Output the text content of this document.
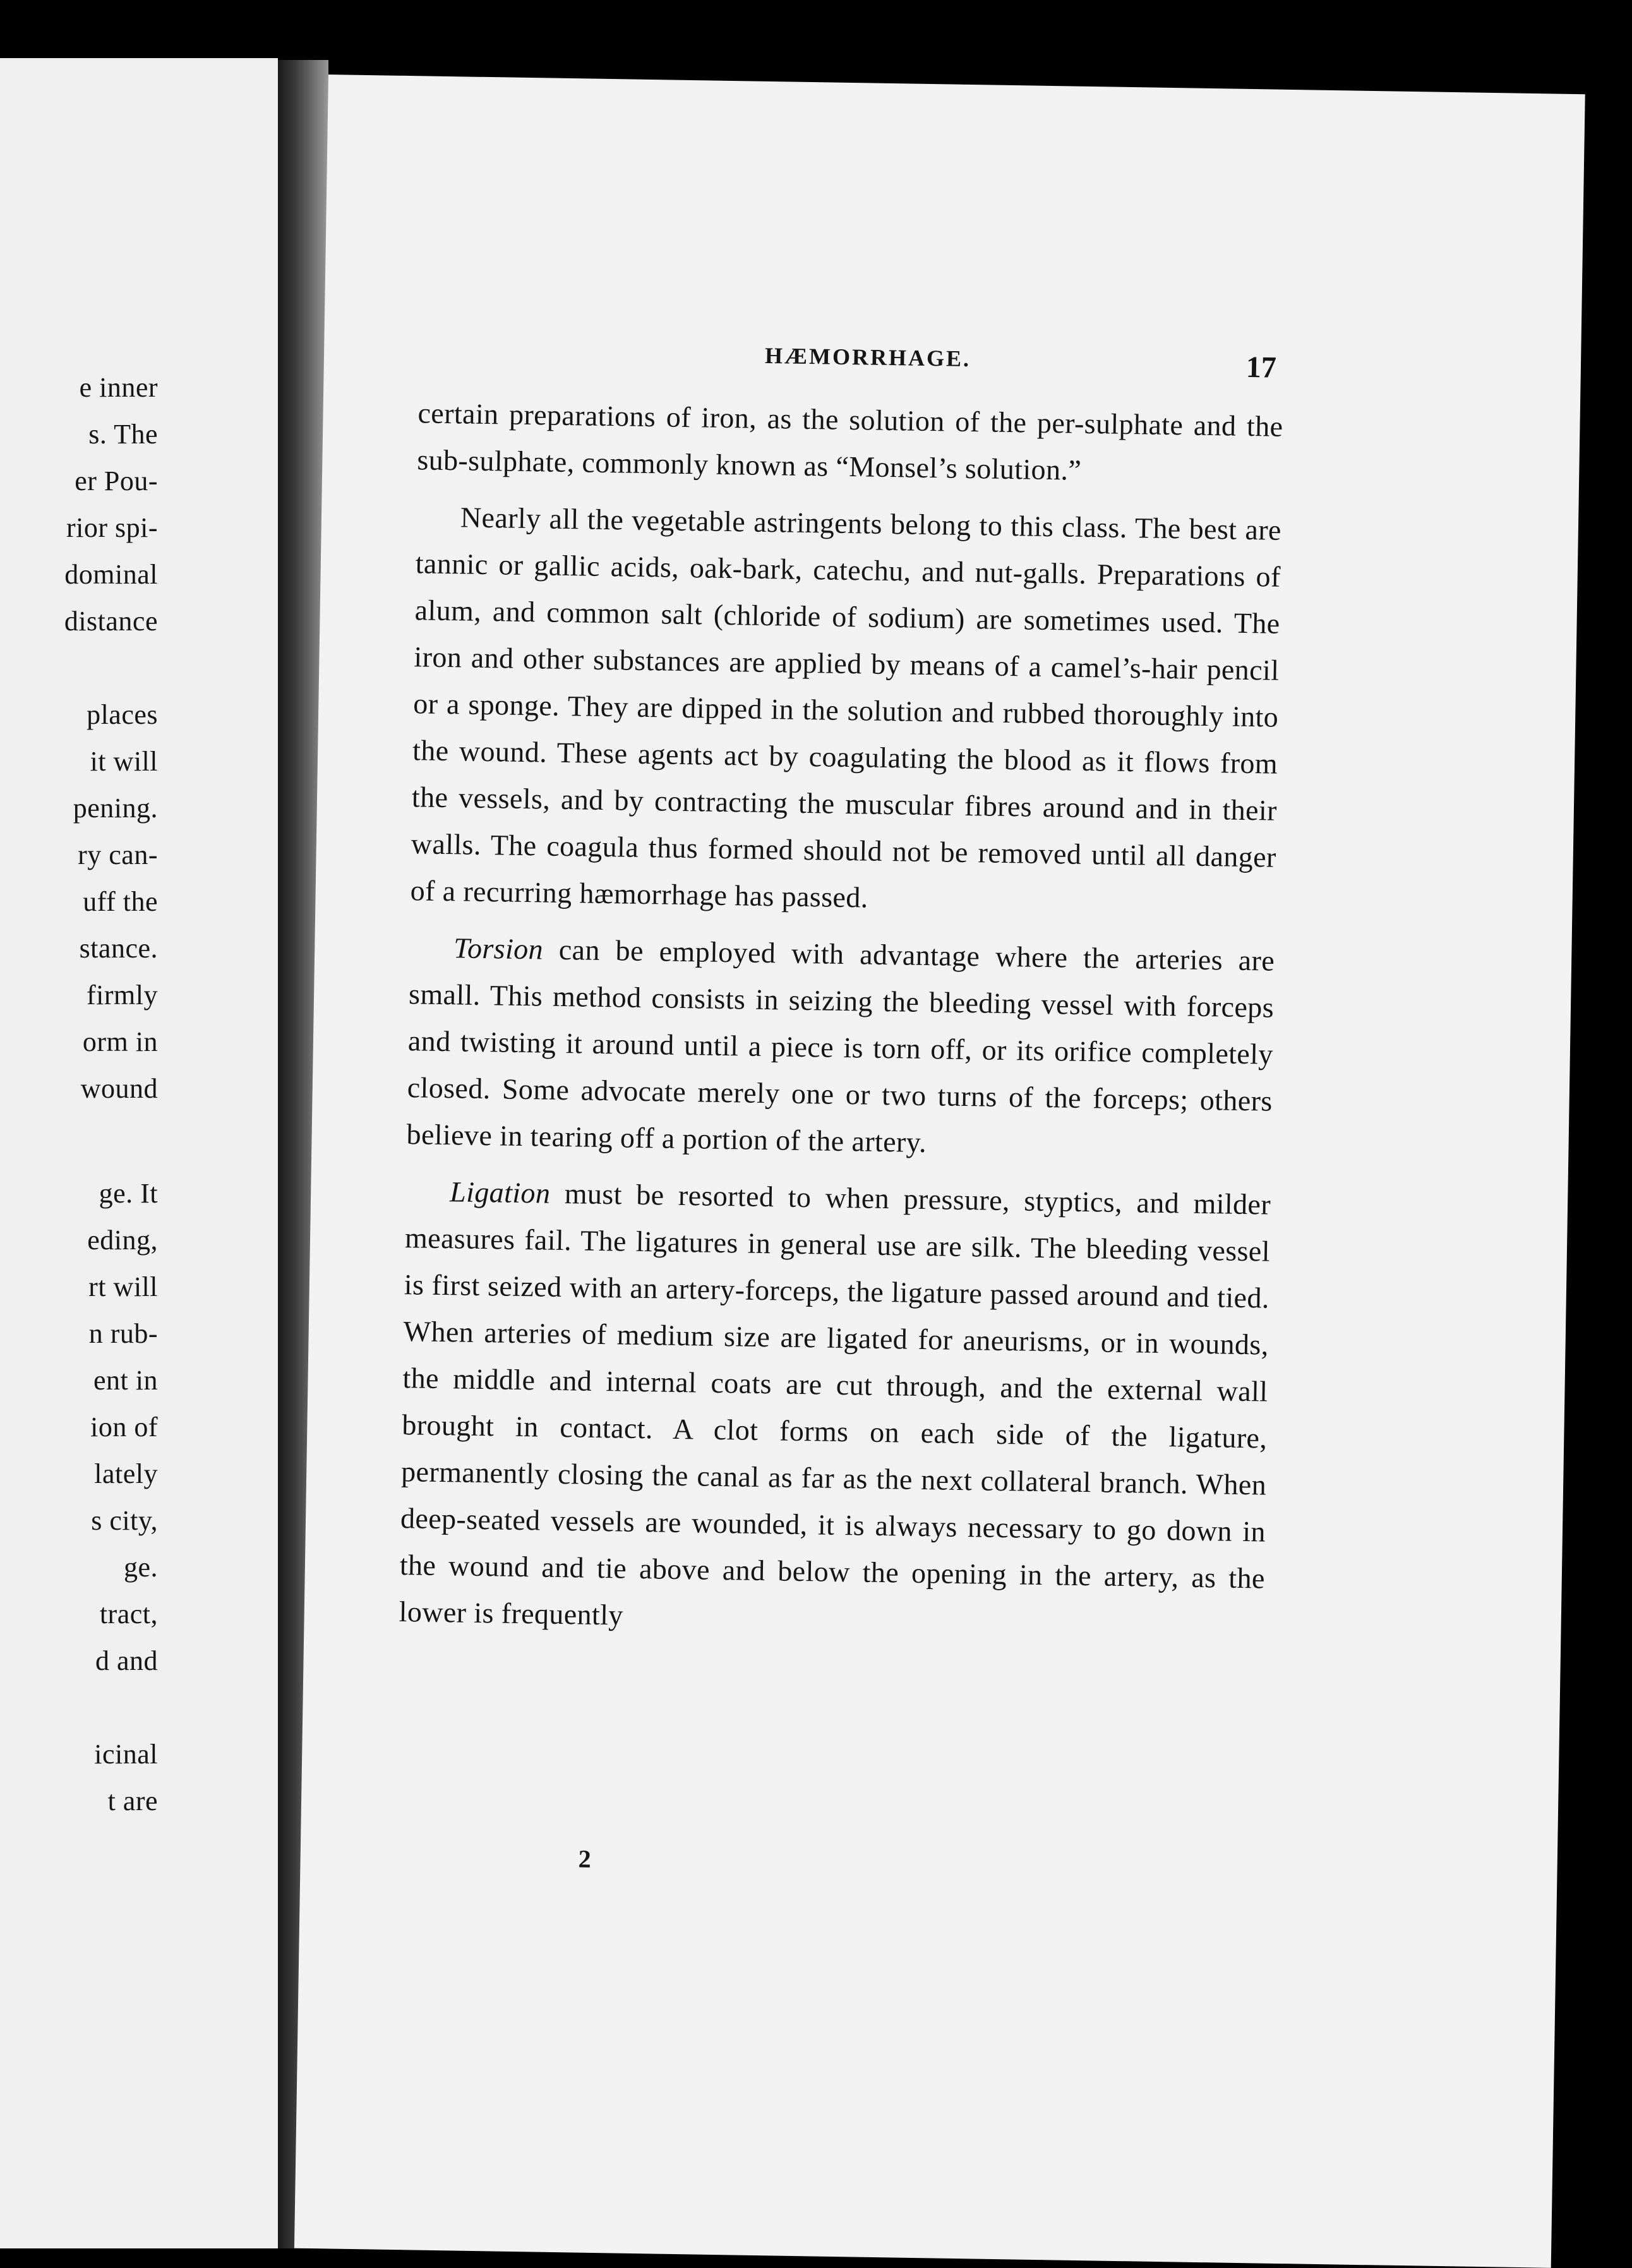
e inner
s. The
er Pou-
rior spi-
dominal
distance
places
it will
pening.
ry can-
uff the
stance.
firmly
orm in
wound
ge. It
eding,
rt will
n rub-
ent in
ion of
lately
s city,
ge.
tract,
d and
icinal
t are
HÆMORRHAGE.	17

certain preparations of iron, as the solution of the per-sulphate and the sub-sulphate, commonly known as “Monsel’s solution.”

Nearly all the vegetable astringents belong to this class. The best are tannic or gallic acids, oak-bark, catechu, and nut-galls. Preparations of alum, and common salt (chloride of sodium) are sometimes used. The iron and other substances are applied by means of a camel’s-hair pencil or a sponge. They are dipped in the solution and rubbed thoroughly into the wound. These agents act by coagulating the blood as it flows from the vessels, and by contracting the muscular fibres around and in their walls. The coagula thus formed should not be removed until all danger of a recurring hæmorrhage has passed.

Torsion can be employed with advantage where the arteries are small. This method consists in seizing the bleeding vessel with forceps and twisting it around until a piece is torn off, or its orifice completely closed. Some advocate merely one or two turns of the forceps; others believe in tearing off a portion of the artery.

Ligation must be resorted to when pressure, styptics, and milder measures fail. The ligatures in general use are silk. The bleeding vessel is first seized with an artery-forceps, the ligature passed around and tied. When arteries of medium size are ligated for aneurisms, or in wounds, the middle and internal coats are cut through, and the external wall brought in contact. A clot forms on each side of the ligature, permanently closing the canal as far as the next collateral branch. When deep-seated vessels are wounded, it is always necessary to go down in the wound and tie above and below the opening in the artery, as the lower is frequently

2
